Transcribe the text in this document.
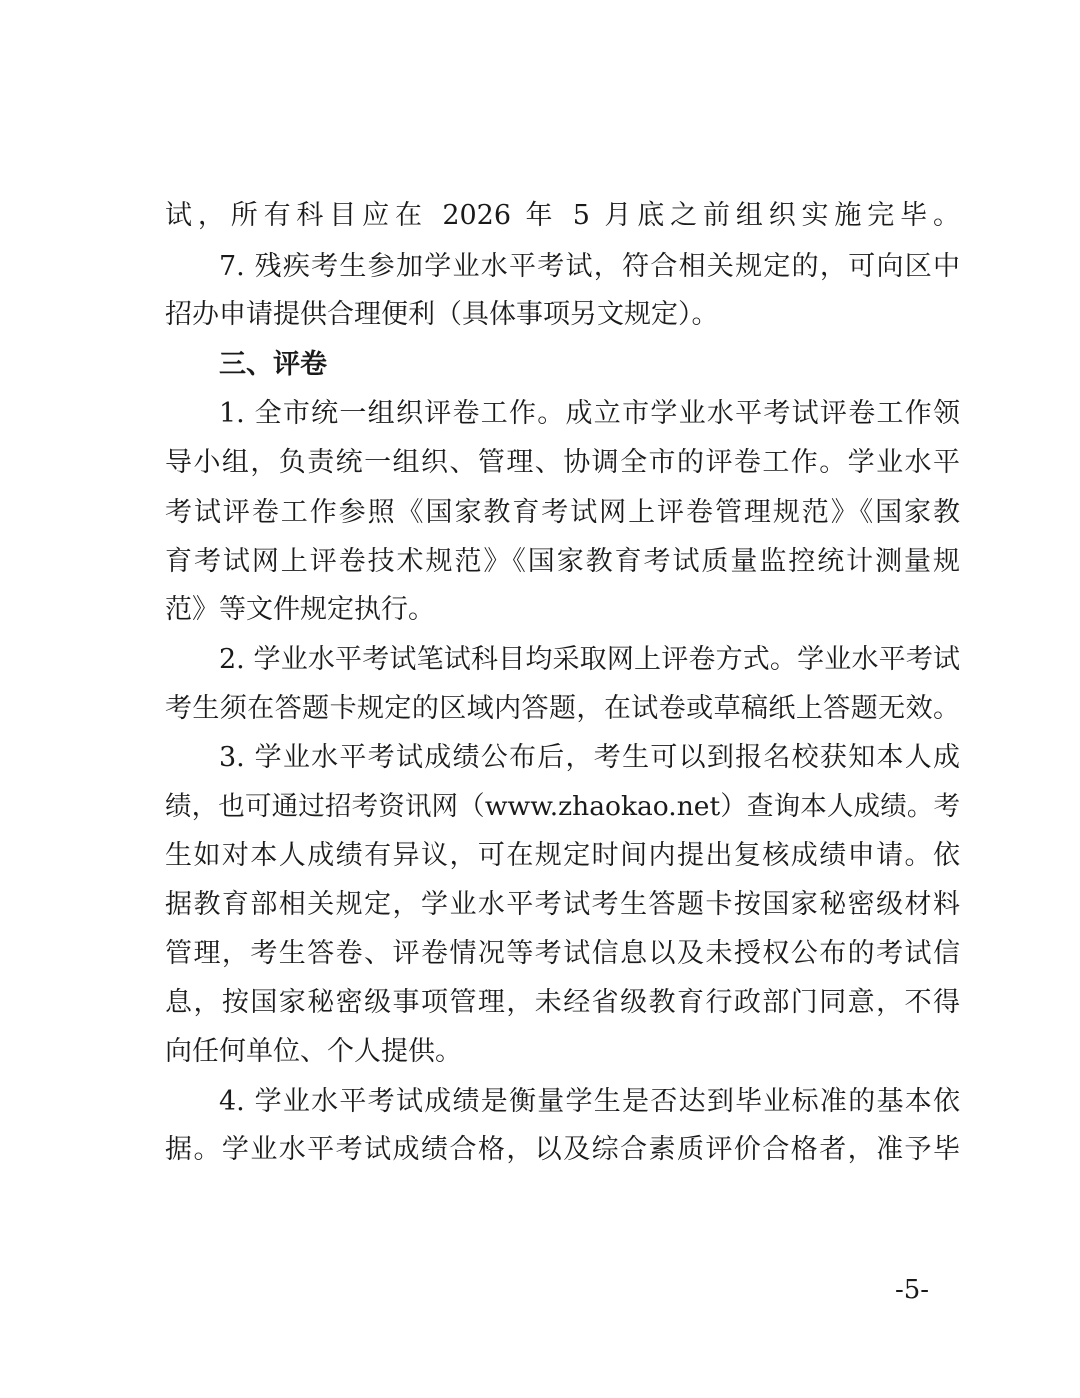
试，所有科目应在 2026 年 5 月底之前组织实施完毕。
7. 残疾考生参加学业水平考试，符合相关规定的，可向区中
招办申请提供合理便利（具体事项另文规定）。
三、评卷
1. 全市统一组织评卷工作。成立市学业水平考试评卷工作领
导小组，负责统一组织、管理、协调全市的评卷工作。学业水平
考试评卷工作参照《国家教育考试网上评卷管理规范》《国家教
育考试网上评卷技术规范》《国家教育考试质量监控统计测量规
范》等文件规定执行。
2. 学业水平考试笔试科目均采取网上评卷方式。学业水平考试
考生须在答题卡规定的区域内答题，在试卷或草稿纸上答题无效。
3. 学业水平考试成绩公布后，考生可以到报名校获知本人成
绩，也可通过招考资讯网（www.zhaokao.net）查询本人成绩。考
生如对本人成绩有异议，可在规定时间内提出复核成绩申请。依
据教育部相关规定，学业水平考试考生答题卡按国家秘密级材料
管理，考生答卷、评卷情况等考试信息以及未授权公布的考试信
息，按国家秘密级事项管理，未经省级教育行政部门同意，不得
向任何单位、个人提供。
4. 学业水平考试成绩是衡量学生是否达到毕业标准的基本依
据。学业水平考试成绩合格，以及综合素质评价合格者，准予毕
-5-
